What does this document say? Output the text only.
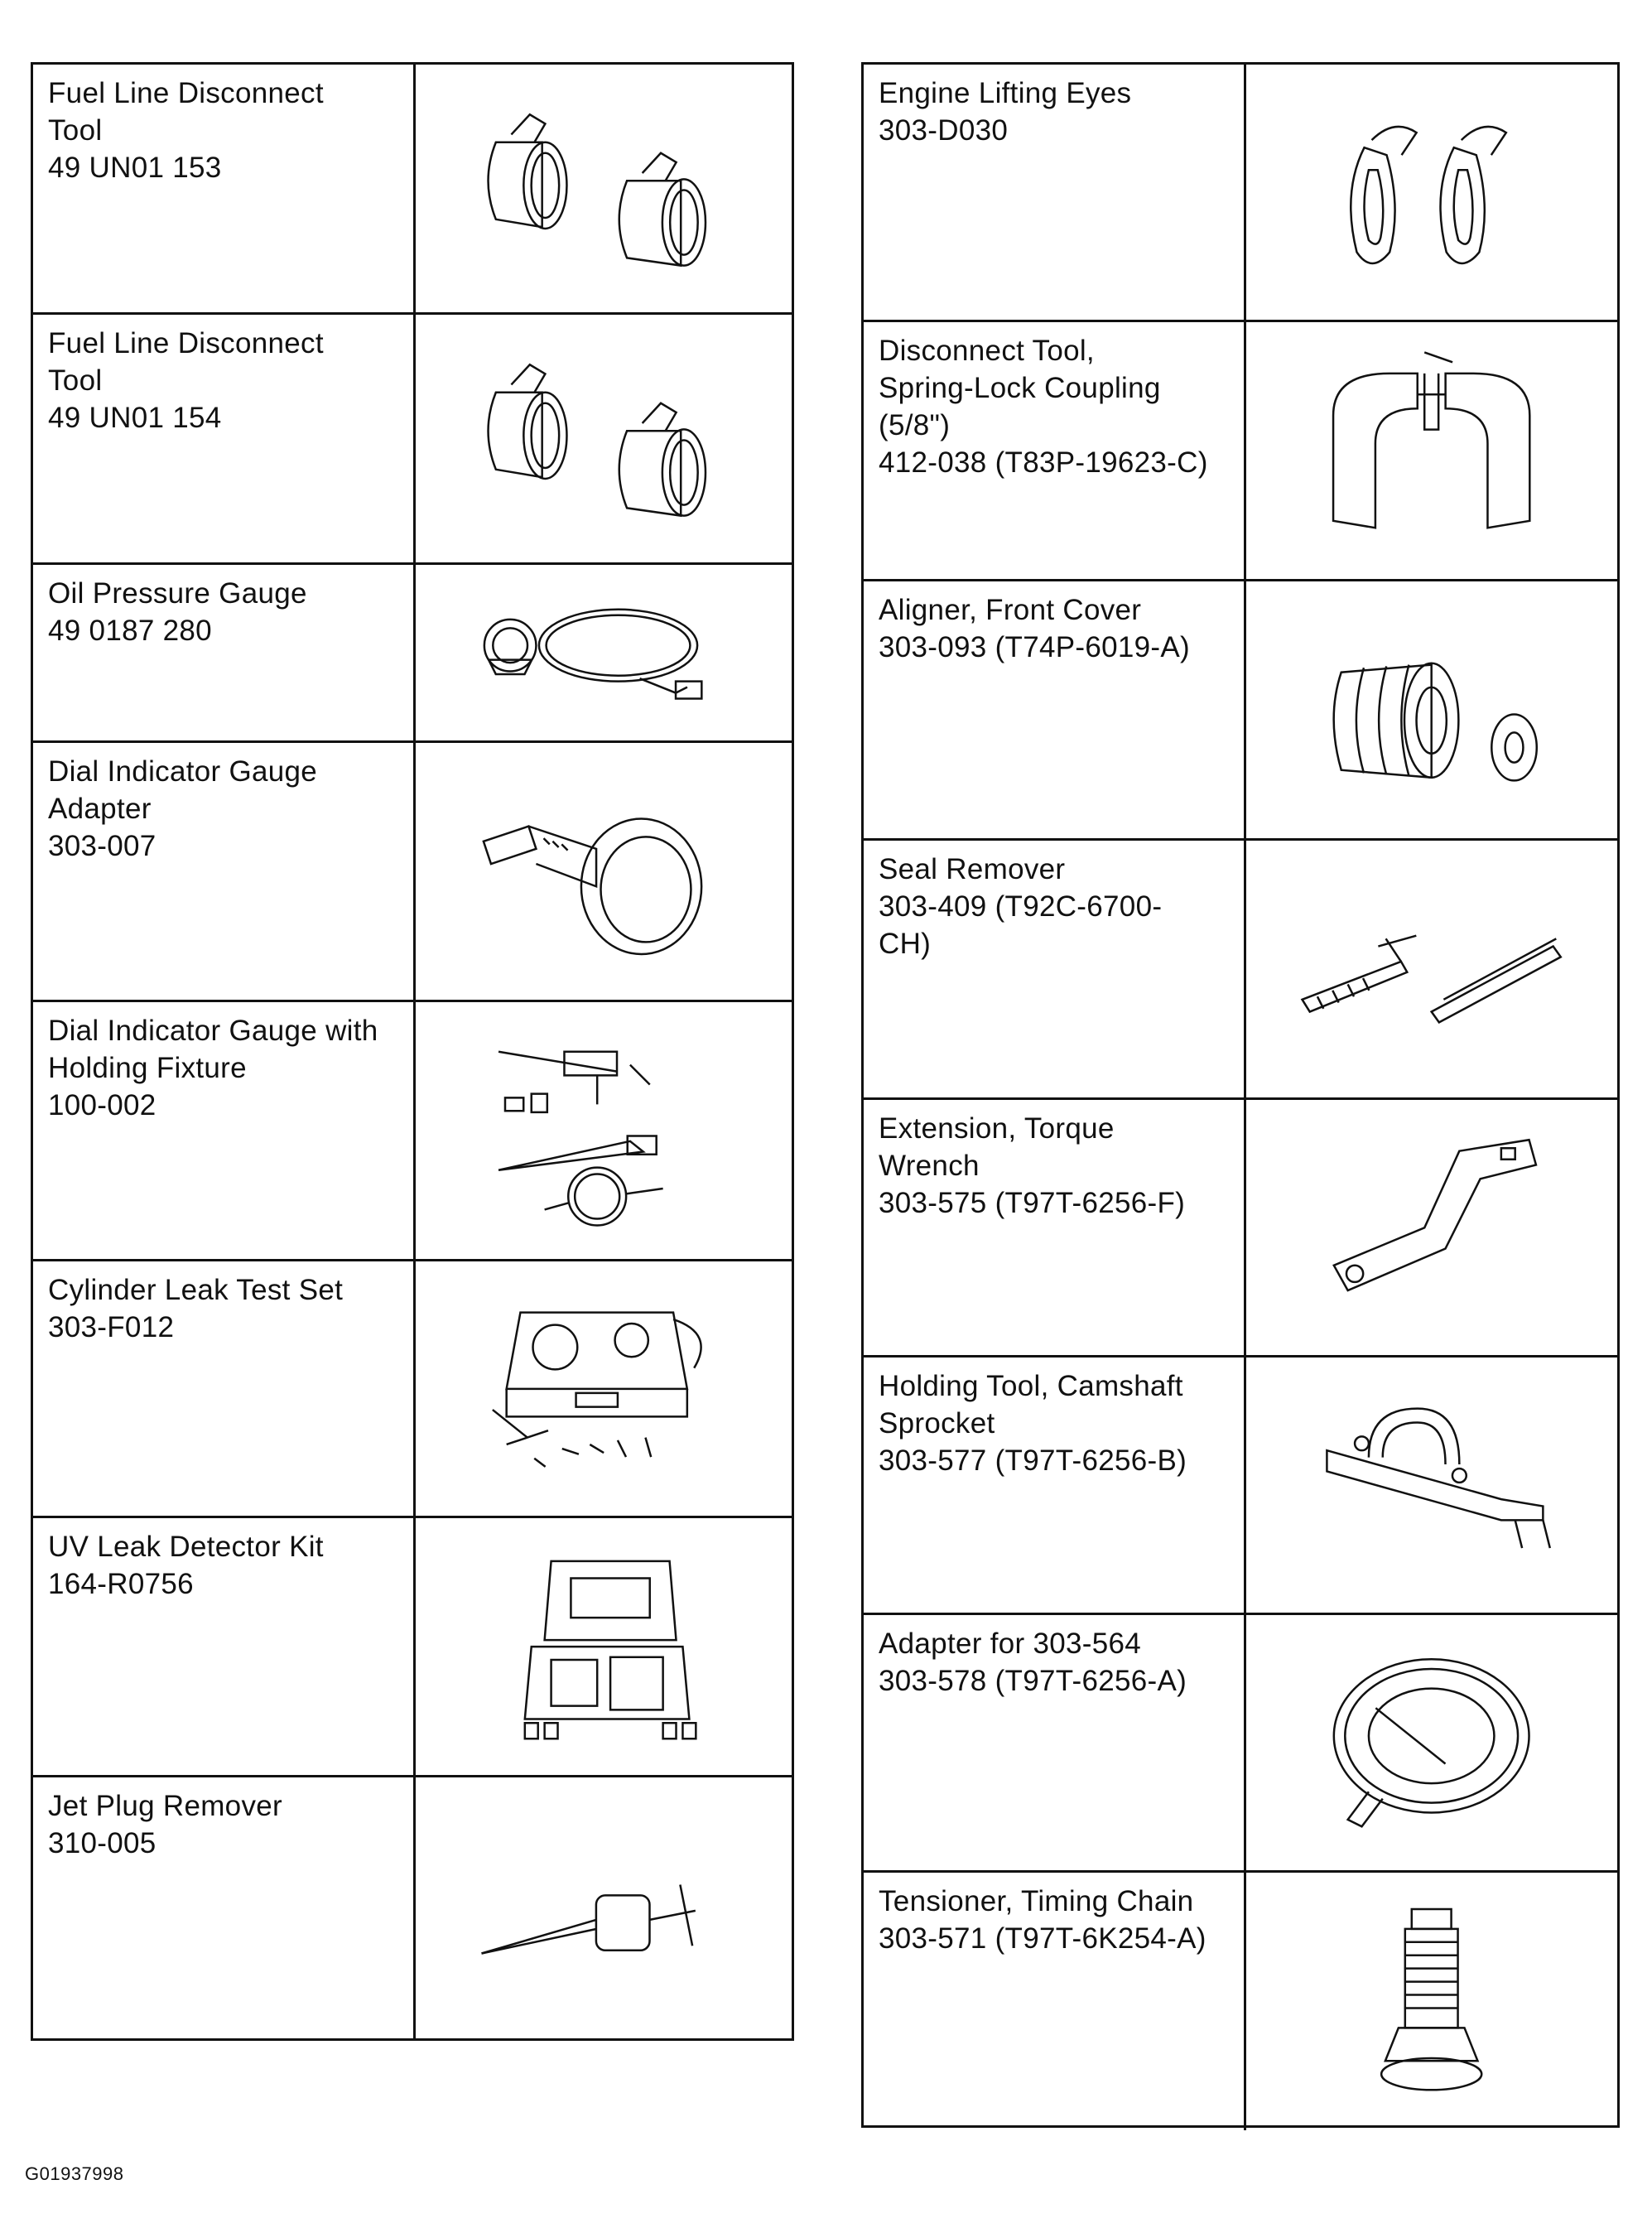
Fuel Line Disconnect
Tool
49 UN01 153
Fuel Line Disconnect
Tool
49 UN01 154
Oil Pressure Gauge
49 0187 280
Dial Indicator Gauge
Adapter
303-007
Dial Indicator Gauge with
Holding Fixture
100-002
Cylinder Leak Test Set
303-F012
UV Leak Detector Kit
164-R0756
Jet Plug Remover
310-005
Engine Lifting Eyes
303-D030
Disconnect Tool,
Spring-Lock Coupling
(5/8")
412-038 (T83P-19623-C)
Aligner, Front Cover
303-093 (T74P-6019-A)
Seal Remover
303-409 (T92C-6700-
CH)
Extension, Torque
Wrench
303-575 (T97T-6256-F)
Holding Tool, Camshaft
Sprocket
303-577 (T97T-6256-B)
Adapter for 303-564
303-578 (T97T-6256-A)
Tensioner, Timing Chain
303-571 (T97T-6K254-A)
G01937998
